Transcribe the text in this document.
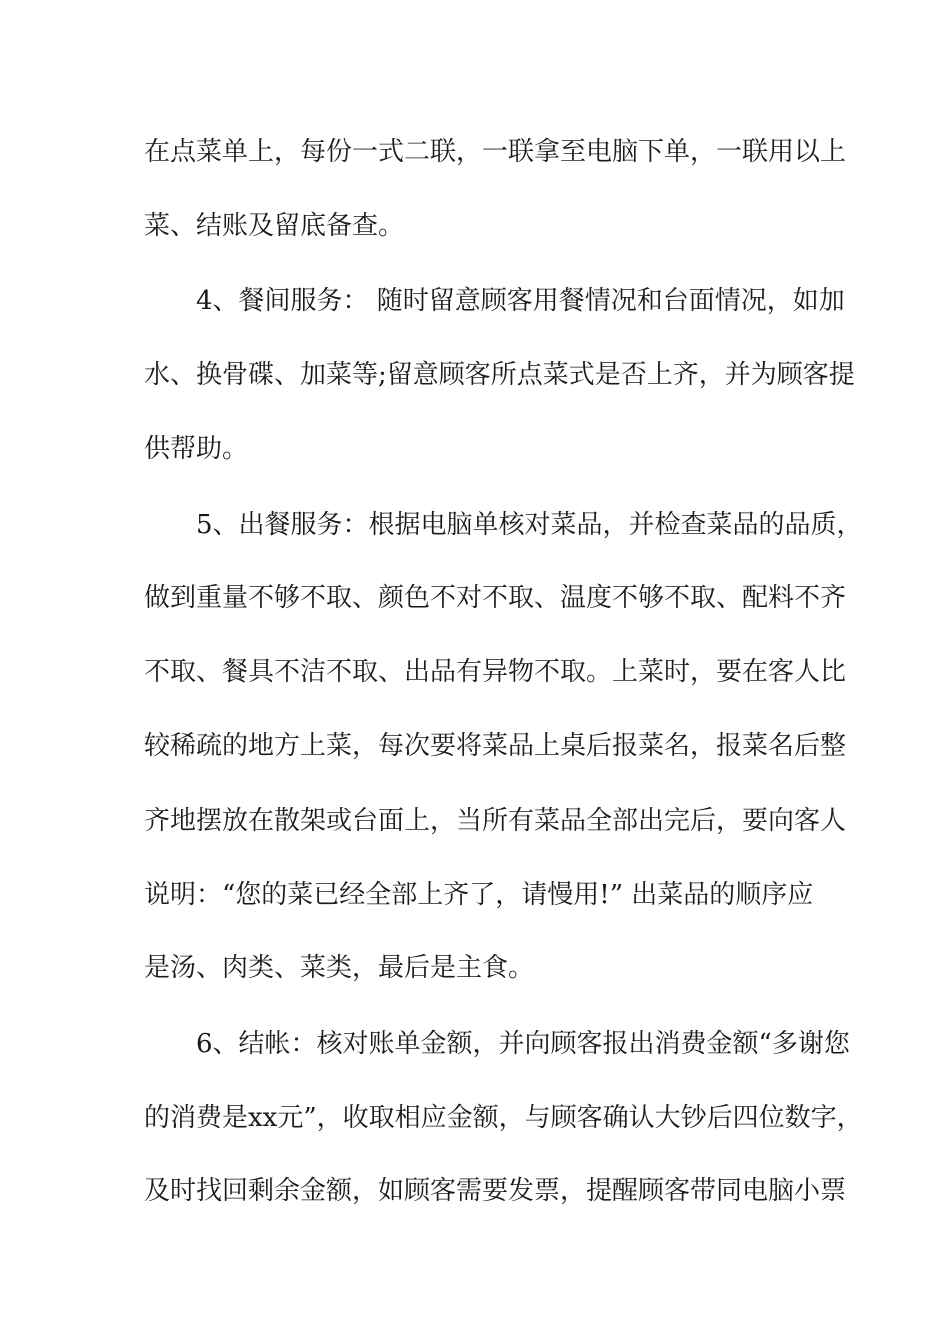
在点菜单上，每份一式二联，一联拿至电脑下单，一联用以上
菜、结账及留底备查。
4、餐间服务： 随时留意顾客用餐情况和台面情况，如加
水、换骨碟、加菜等;留意顾客所点菜式是否上齐，并为顾客提
供帮助。
5、出餐服务：根据电脑单核对菜品，并检查菜品的品质，
做到重量不够不取、颜色不对不取、温度不够不取、配料不齐
不取、餐具不洁不取、出品有异物不取。上菜时，要在客人比
较稀疏的地方上菜，每次要将菜品上桌后报菜名，报菜名后整
齐地摆放在散架或台面上，当所有菜品全部出完后，要向客人
说明：“您的菜已经全部上齐了，请慢用!” 出菜品的顺序应
是汤、肉类、菜类，最后是主食。
6、结帐：核对账单金额，并向顾客报出消费金额“多谢您
的消费是xx元”，收取相应金额，与顾客确认大钞后四位数字，
及时找回剩余金额，如顾客需要发票，提醒顾客带同电脑小票
